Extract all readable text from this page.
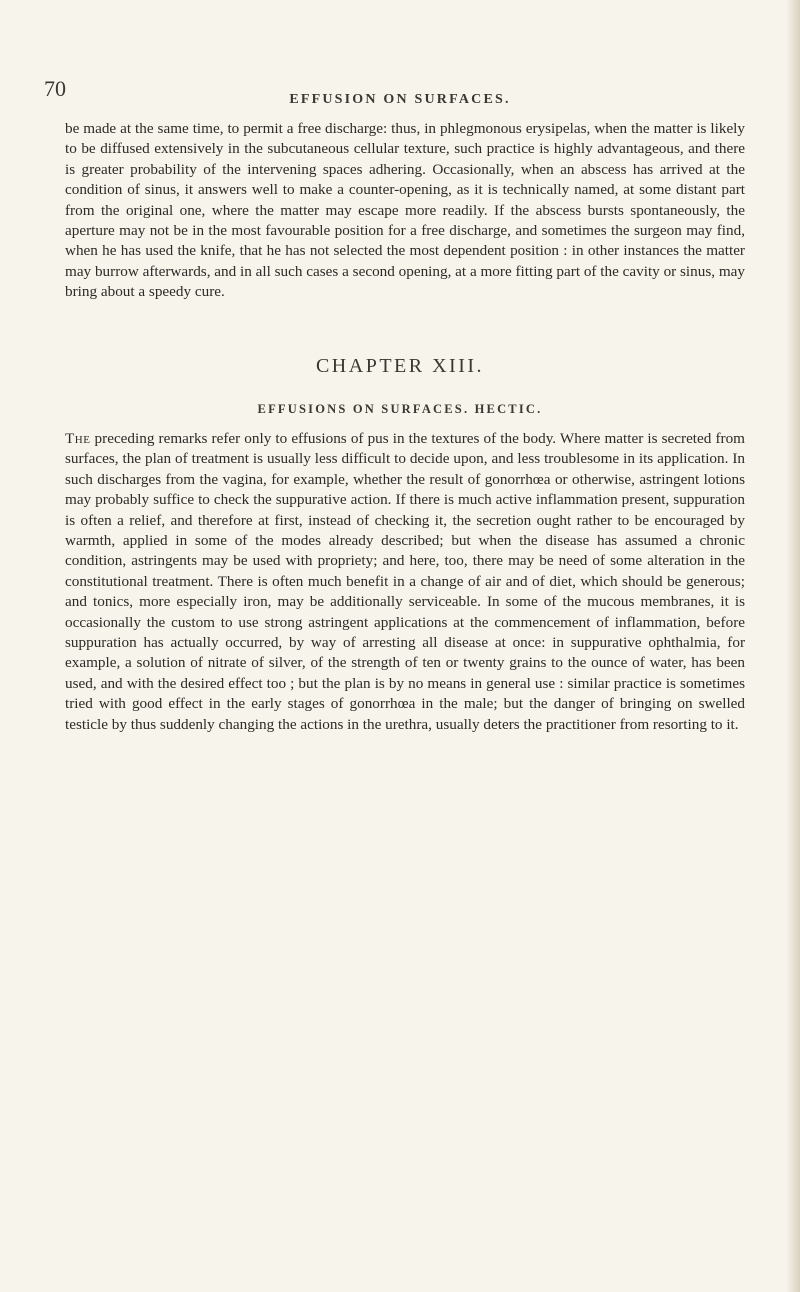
70	EFFUSION ON SURFACES.

be made at the same time, to permit a free discharge: thus, in phlegmonous erysipelas, when the matter is likely to be diffused extensively in the subcutaneous cellular texture, such practice is highly advantageous, and there is greater probability of the intervening spaces adhering. Occasionally, when an abscess has arrived at the condition of sinus, it answers well to make a counter-opening, as it is technically named, at some distant part from the original one, where the matter may escape more readily. If the abscess bursts spontaneously, the aperture may not be in the most favourable position for a free discharge, and sometimes the surgeon may find, when he has used the knife, that he has not selected the most dependent position : in other instances the matter may burrow afterwards, and in all such cases a second opening, at a more fitting part of the cavity or sinus, may bring about a speedy cure.

CHAPTER XIII.
EFFUSIONS ON SURFACES. HECTIC.

The preceding remarks refer only to effusions of pus in the textures of the body. Where matter is secreted from surfaces, the plan of treatment is usually less difficult to decide upon, and less troublesome in its application. In such discharges from the vagina, for example, whether the result of gonorrhœa or otherwise, astringent lotions may probably suffice to check the suppurative action. If there is much active inflammation present, suppuration is often a relief, and therefore at first, instead of checking it, the secretion ought rather to be encouraged by warmth, applied in some of the modes already described; but when the disease has assumed a chronic condition, astringents may be used with propriety; and here, too, there may be need of some alteration in the constitutional treatment. There is often much benefit in a change of air and of diet, which should be generous; and tonics, more especially iron, may be additionally serviceable. In some of the mucous membranes, it is occasionally the custom to use strong astringent applications at the commencement of inflammation, before suppuration has actually occurred, by way of arresting all disease at once: in suppurative ophthalmia, for example, a solution of nitrate of silver, of the strength of ten or twenty grains to the ounce of water, has been used, and with the desired effect too ; but the plan is by no means in general use : similar practice is sometimes tried with good effect in the early stages of gonorrhœa in the male; but the danger of bringing on swelled testicle by thus suddenly changing the actions in the urethra, usually deters the practitioner from resorting to it.
